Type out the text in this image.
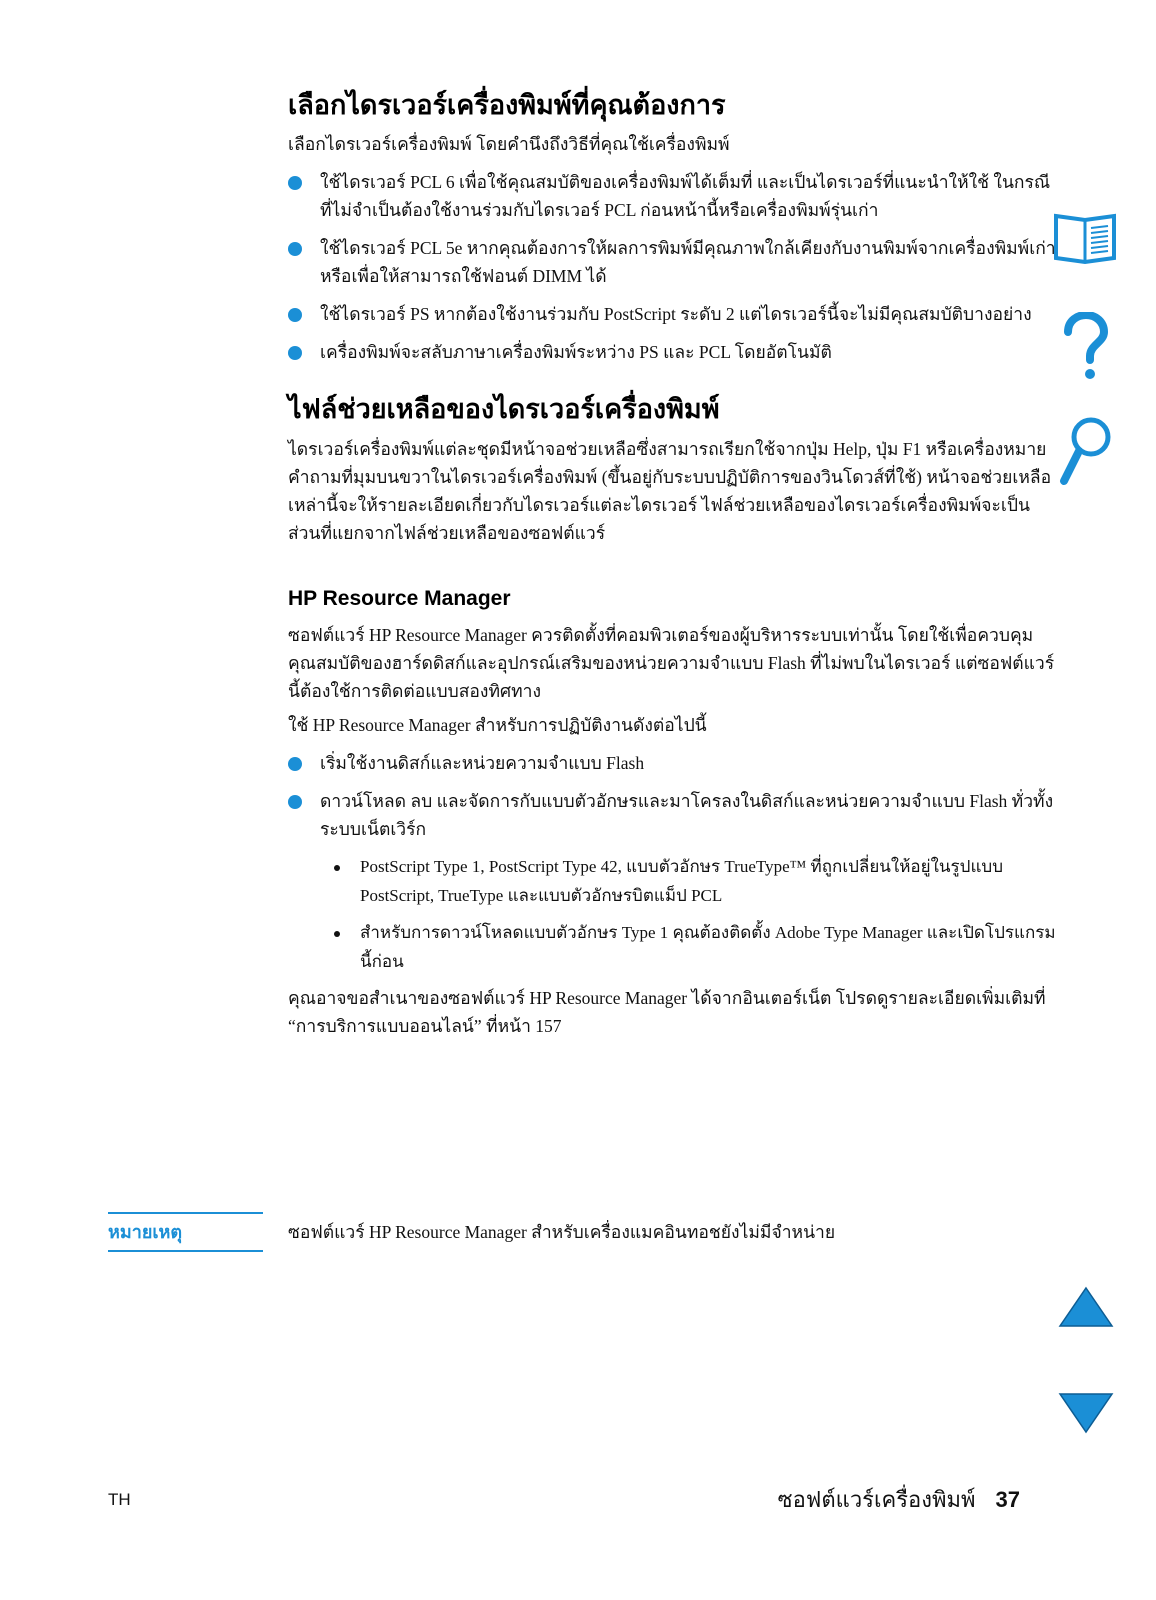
เลือกไดรเวอร์เครื่องพิมพ์ที่คุณต้องการ

เลือกไดรเวอร์เครื่องพิมพ์ โดยคำนึงถึงวิธีที่คุณใช้เครื่องพิมพ์

ใช้ไดรเวอร์ PCL 6 เพื่อใช้คุณสมบัติของเครื่องพิมพ์ได้เต็มที่ และเป็นไดรเวอร์ที่แนะนำให้ใช้ ในกรณีที่ไม่จำเป็นต้องใช้งานร่วมกับไดรเวอร์ PCL ก่อนหน้านี้หรือเครื่องพิมพ์รุ่นเก่า
ใช้ไดรเวอร์ PCL 5e หากคุณต้องการให้ผลการพิมพ์มีคุณภาพใกล้เคียงกับงานพิมพ์จากเครื่องพิมพ์เก่า หรือเพื่อให้สามารถใช้ฟอนต์ DIMM ได้
ใช้ไดรเวอร์ PS หากต้องใช้งานร่วมกับ PostScript ระดับ 2 แต่ไดรเวอร์นี้จะไม่มีคุณสมบัติบางอย่าง
เครื่องพิมพ์จะสลับภาษาเครื่องพิมพ์ระหว่าง PS และ PCL โดยอัตโนมัติ
ไฟล์ช่วยเหลือของไดรเวอร์เครื่องพิมพ์

ไดรเวอร์เครื่องพิมพ์แต่ละชุดมีหน้าจอช่วยเหลือซึ่งสามารถเรียกใช้จากปุ่ม Help, ปุ่ม F1 หรือเครื่องหมายคำถามที่มุมบนขวาในไดรเวอร์เครื่องพิมพ์ (ขึ้นอยู่กับระบบปฏิบัติการของวินโดวส์ที่ใช้) หน้าจอช่วยเหลือเหล่านี้จะให้รายละเอียดเกี่ยวกับไดรเวอร์แต่ละไดรเวอร์ ไฟล์ช่วยเหลือของไดรเวอร์เครื่องพิมพ์จะเป็นส่วนที่แยกจากไฟล์ช่วยเหลือของซอฟต์แวร์

HP Resource Manager

ซอฟต์แวร์ HP Resource Manager ควรติดตั้งที่คอมพิวเตอร์ของผู้บริหารระบบเท่านั้น โดยใช้เพื่อควบคุมคุณสมบัติของฮาร์ดดิสก์และอุปกรณ์เสริมของหน่วยความจำแบบ Flash ที่ไม่พบในไดรเวอร์ แต่ซอฟต์แวร์นี้ต้องใช้การติดต่อแบบสองทิศทาง

ใช้ HP Resource Manager สำหรับการปฏิบัติงานดังต่อไปนี้

เริ่มใช้งานดิสก์และหน่วยความจำแบบ Flash
ดาวน์โหลด ลบ และจัดการกับแบบตัวอักษรและมาโครลงในดิสก์และหน่วยความจำแบบ Flash ทั่วทั้งระบบเน็ตเวิร์ก
PostScript Type 1, PostScript Type 42, แบบตัวอักษร TrueType™ ที่ถูกเปลี่ยนให้อยู่ในรูปแบบ PostScript, TrueType และแบบตัวอักษรบิตแม็ป PCL
สำหรับการดาวน์โหลดแบบตัวอักษร Type 1 คุณต้องติดตั้ง Adobe Type Manager และเปิดโปรแกรมนี้ก่อน

คุณอาจขอสำเนาของซอฟต์แวร์ HP Resource Manager ได้จากอินเตอร์เน็ต โปรดดูรายละเอียดเพิ่มเติมที่ “การบริการแบบออนไลน์” ที่หน้า 157

หมายเหตุ	ซอฟต์แวร์ HP Resource Manager สำหรับเครื่องแมคอินทอชยังไม่มีจำหน่าย
TH	ซอฟต์แวร์เครื่องพิมพ์ 37
